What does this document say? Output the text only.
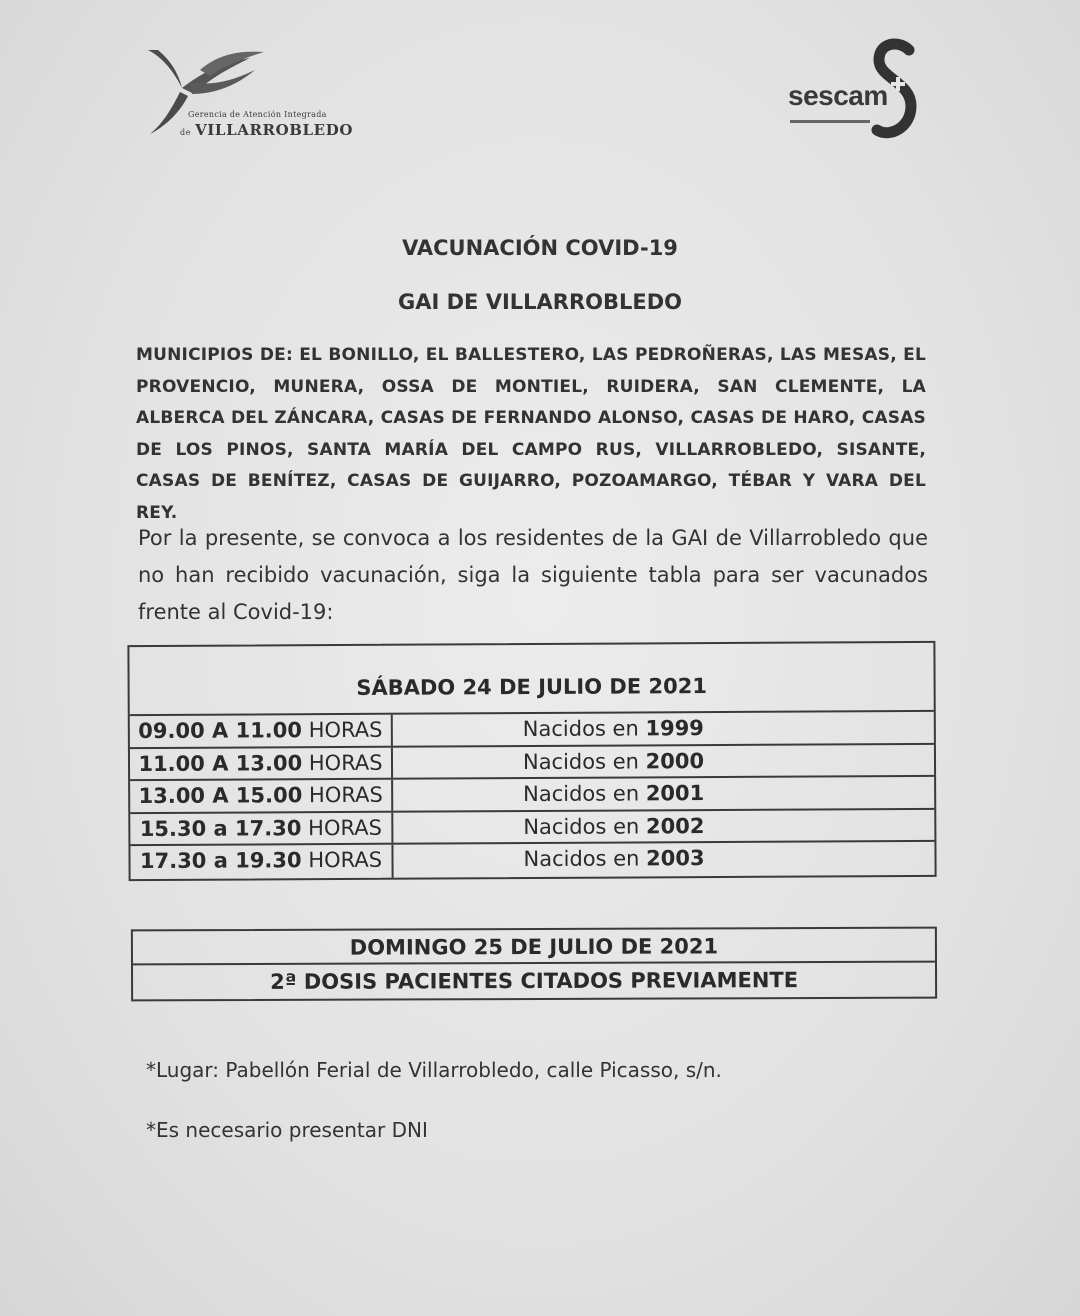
Gerencia de Atención Integrada
de VILLARROBLEDO
sescam
VACUNACIÓN COVID-19
GAI DE VILLARROBLEDO
MUNICIPIOS DE: EL BONILLO, EL BALLESTERO, LAS PEDROÑERAS, LAS MESAS, EL PROVENCIO, MUNERA, OSSA DE MONTIEL, RUIDERA, SAN CLEMENTE, LA ALBERCA DEL ZÁNCARA, CASAS DE FERNANDO ALONSO, CASAS DE HARO, CASAS DE LOS PINOS, SANTA MARÍA DEL CAMPO RUS, VILLARROBLEDO, SISANTE, CASAS DE BENÍTEZ, CASAS DE GUIJARRO, POZOAMARGO, TÉBAR Y VARA DEL REY.
Por la presente, se convoca a los residentes de la GAI de Villarrobledo que no han recibido vacunación, siga la siguiente tabla para ser vacunados frente al Covid-19:
SÁBADO 24 DE JULIO DE 2021
09.00 A 11.00 HORAS	Nacidos en 1999
11.00 A 13.00 HORAS	Nacidos en 2000
13.00 A 15.00 HORAS	Nacidos en 2001
15.30 a 17.30 HORAS	Nacidos en 2002
17.30 a 19.30 HORAS	Nacidos en 2003
DOMINGO 25 DE JULIO DE 2021
2ª DOSIS PACIENTES CITADOS PREVIAMENTE
*Lugar: Pabellón Ferial de Villarrobledo, calle Picasso, s/n.
*Es necesario presentar DNI
